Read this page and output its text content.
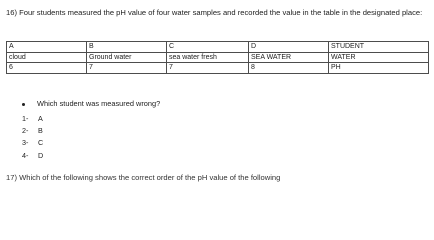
16) Four students measured the pH value of four water samples and recorded the value in the table in the designated place:
A	B	C	D	STUDENT
cloud	Ground water	sea water fresh	SEA WATER	WATER
6	7	7	8	PH
Which student was measured wrong?
1-	A
2-	B
3-	C
4-	D
17) Which of the following shows the correct order of the pH value of the following
